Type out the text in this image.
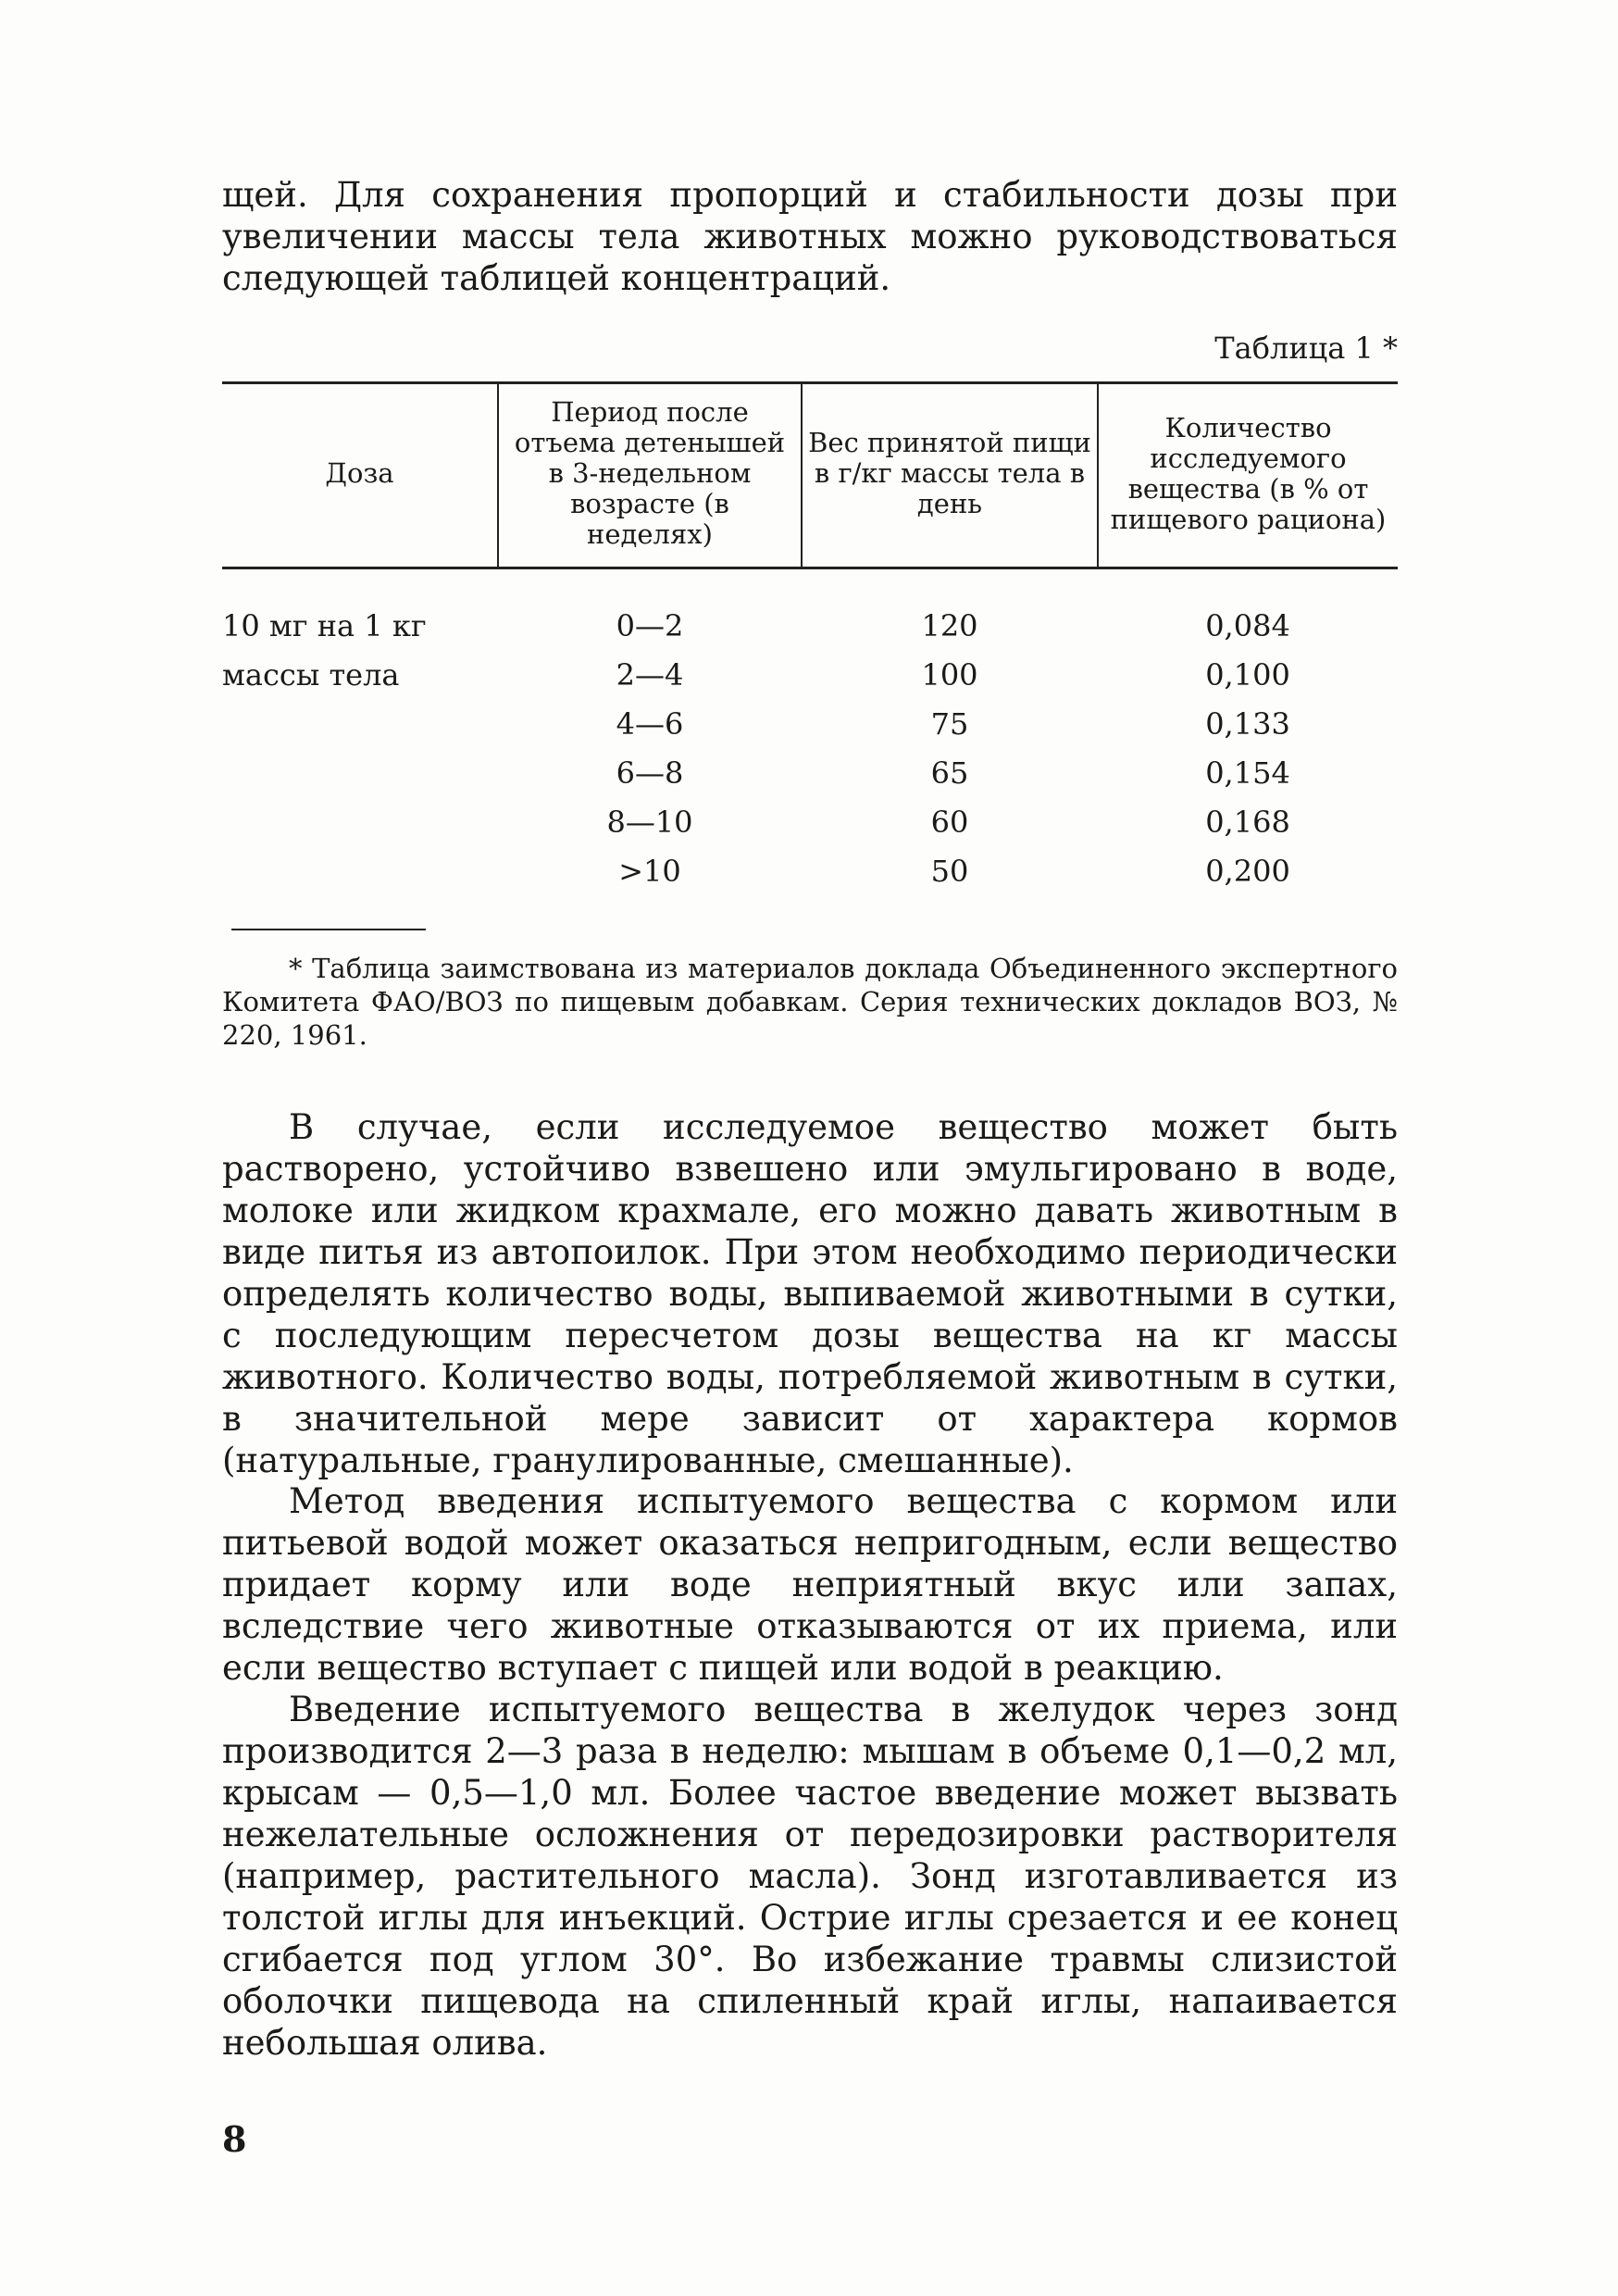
щей. Для сохранения пропорций и стабильности дозы при увеличении массы тела животных можно руководствоваться следующей таблицей концентраций.

Таблица 1 *
Доза	Период после отъема детенышей в 3-недельном возрасте (в неделях)	Вес принятой пищи в г/кг массы тела в день	Количество исследуемого вещества (в % от пищевого рациона)
10 мг на 1 кг	0—2	120	0,084
массы тела	2—4	100	0,100
	4—6	75	0,133
	6—8	65	0,154
	8—10	60	0,168
	>10	50	0,200

* Таблица заимствована из материалов доклада Объединенного экспертного Комитета ФАО/ВОЗ по пищевым добавкам. Серия технических докладов ВОЗ, № 220, 1961.

В случае, если исследуемое вещество может быть растворено, устойчиво взвешено или эмульгировано в воде, молоке или жидком крахмале, его можно давать животным в виде питья из автопоилок. При этом необходимо периодически определять количество воды, выпиваемой животными в сутки, с последующим пересчетом дозы вещества на кг массы животного. Количество воды, потребляемой животным в сутки, в значительной мере зависит от характера кормов (натуральные, гранулированные, смешанные).

Метод введения испытуемого вещества с кормом или питьевой водой может оказаться непригодным, если вещество придает корму или воде неприятный вкус или запах, вследствие чего животные отказываются от их приема, или если вещество вступает с пищей или водой в реакцию.

Введение испытуемого вещества в желудок через зонд производится 2—3 раза в неделю: мышам в объеме 0,1—0,2 мл, крысам — 0,5—1,0 мл. Более частое введение может вызвать нежелательные осложнения от передозировки растворителя (например, растительного масла). Зонд изготавливается из толстой иглы для инъекций. Острие иглы срезается и ее конец сгибается под углом 30°. Во избежание травмы слизистой оболочки пищевода на спиленный край иглы, напаивается небольшая олива.

8
